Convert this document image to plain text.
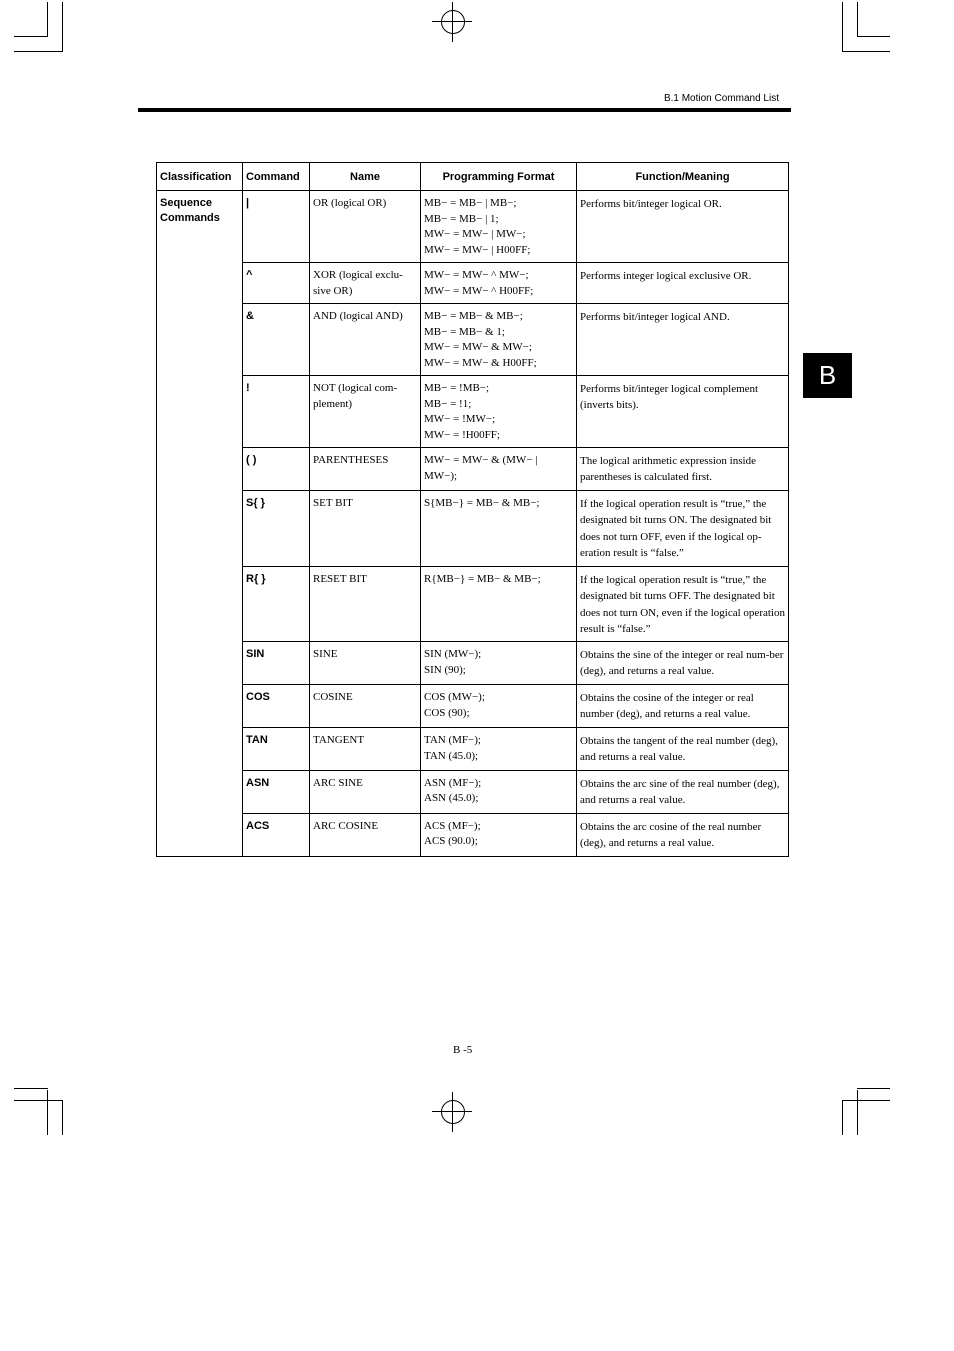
B.1 Motion Command List
B
Classification	Command	Name	Programming Format	Function/Meaning
Sequence Commands	|	OR (logical OR)	MB− = MB− | MB−;
MB− = MB− | 1;
MW− = MW− | MW−;
MW− = MW− | H00FF;	Performs bit/integer logical OR.
	^	XOR (logical exclu-sive OR)	MW− = MW− ^ MW−;
MW− = MW− ^ H00FF;	Performs integer logical exclusive OR.
	&	AND (logical AND)	MB− = MB− & MB−;
MB− = MB− & 1;
MW− = MW− & MW−;
MW− = MW− & H00FF;	Performs bit/integer logical AND.
	!	NOT (logical com-plement)	MB− = !MB−;
MB− = !1;
MW− = !MW−;
MW− = !H00FF;	Performs bit/integer logical complement (inverts bits).
	( )	PARENTHESES	MW− = MW− & (MW− |
MW−);	The logical arithmetic expression inside parentheses is calculated first.
	S{ }	SET BIT	S{MB−} = MB− & MB−;	If the logical operation result is “true,” the designated bit turns ON. The designated bit does not turn OFF, even if the logical op-eration result is “false.”
	R{ }	RESET BIT	R{MB−} = MB− & MB−;	If the logical operation result is “true,” the designated bit turns OFF. The designated bit does not turn ON, even if the logical operation result is “false.”
	SIN	SINE	SIN (MW−);
SIN (90);	Obtains the sine of the integer or real num-ber (deg), and returns a real value.
	COS	COSINE	COS (MW−);
COS (90);	Obtains the cosine of the integer or real number (deg), and returns a real value.
	TAN	TANGENT	TAN (MF−);
TAN (45.0);	Obtains the tangent of the real number (deg), and returns a real value.
	ASN	ARC SINE	ASN (MF−);
ASN (45.0);	Obtains the arc sine of the real number (deg), and returns a real value.
	ACS	ARC COSINE	ACS (MF−);
ACS (90.0);	Obtains the arc cosine of the real number (deg), and returns a real value.
B -5
